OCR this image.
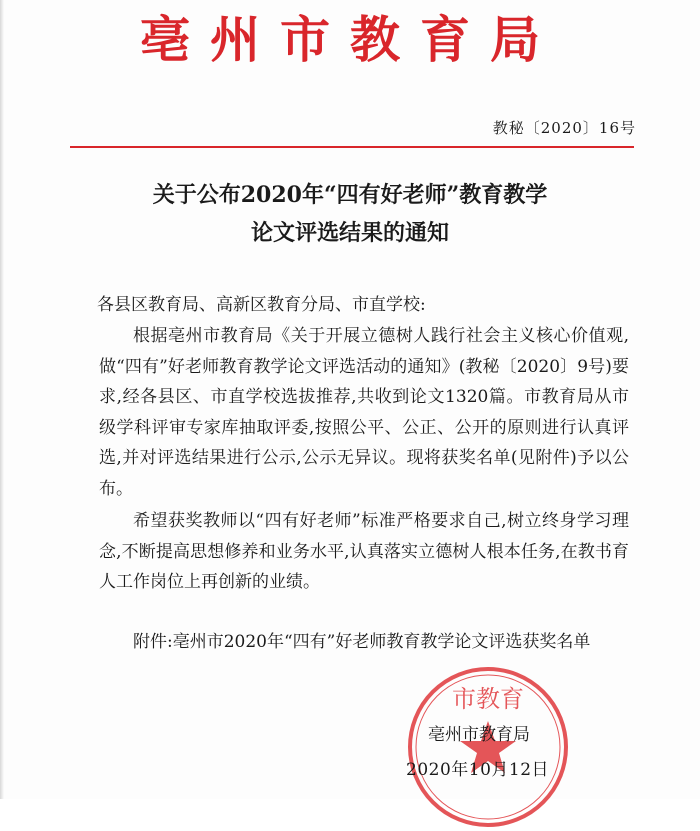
亳州市教育局
教秘〔2020〕16号
关于公布2020年“四有好老师”教育教学
论文评选结果的通知
各县区教育局、高新区教育分局、市直学校:

根据亳州市教育局《关于开展立德树人践行社会主义核心价值观,做“四有”好老师教育教学论文评选活动的通知》(教秘〔2020〕9号)要求,经各县区、市直学校选拔推荐,共收到论文1320篇。市教育局从市级学科评审专家库抽取评委,按照公平、公正、公开的原则进行认真评选,并对评选结果进行公示,公示无异议。现将获奖名单(见附件)予以公布。

希望获奖教师以“四有好老师”标准严格要求自己,树立终身学习理念,不断提高思想修养和业务水平,认真落实立德树人根本任务,在教书育人工作岗位上再创新的业绩。

附件:亳州市2020年“四有”好老师教育教学论文评选获奖名单

市教育
亳州市教育局
2020年10月12日
